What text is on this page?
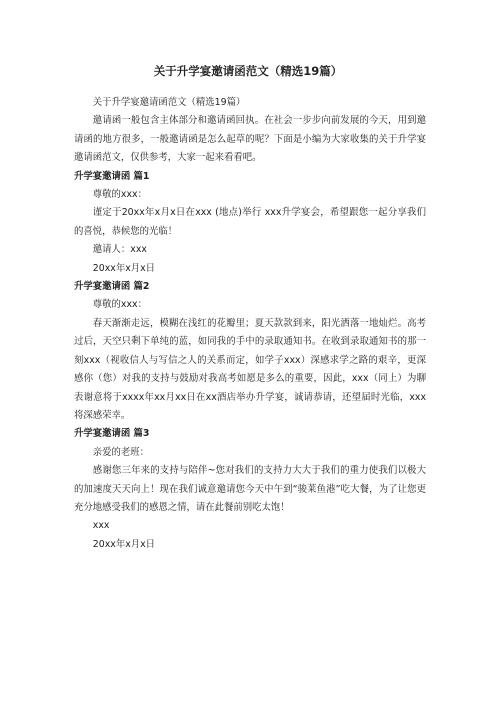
关于升学宴邀请函范文（精选19篇）

关于升学宴邀请函范文（精选19篇）

邀请函一般包含主体部分和邀请函回执。在社会一步步向前发展的今天，用到邀请函的地方很多，一般邀请函是怎么起草的呢？下面是小编为大家收集的关于升学宴邀请函范文，仅供参考，大家一起来看看吧。

升学宴邀请函 篇1

尊敬的xxx：

谨定于20xx年x月x日在xxx (地点)举行 xxx升学宴会，希望跟您一起分享我们的喜悦，恭候您的光临！

邀请人：xxx

20xx年x月x日

升学宴邀请函 篇2

尊敬的xxx：

春天渐渐走远，模糊在浅红的花瓣里；夏天款款到来，阳光洒落一地灿烂。高考过后，天空只剩下单纯的蓝，如同我的手中的录取通知书。在收到录取通知书的那一刻xxx（视收信人与写信之人的关系而定，如学子xxx）深感求学之路的艰辛，更深感你（您）对我的支持与鼓励对我高考如愿是多么的重要，因此，xxx（同上）为聊表谢意将于xxxx年xx月xx日在xx酒店举办升学宴，诚请恭请，还望届时光临，xxx将深感荣幸。

升学宴邀请函 篇3

亲爱的老班：

感谢您三年来的支持与陪伴~您对我们的支持力大大于我们的重力使我们以极大的加速度天天向上！现在我们诚意邀请您今天中午到“骏莱鱼港”吃大餐，为了让您更充分地感受我们的感恩之情，请在此餐前别吃太饱！

xxx

20xx年x月x日
